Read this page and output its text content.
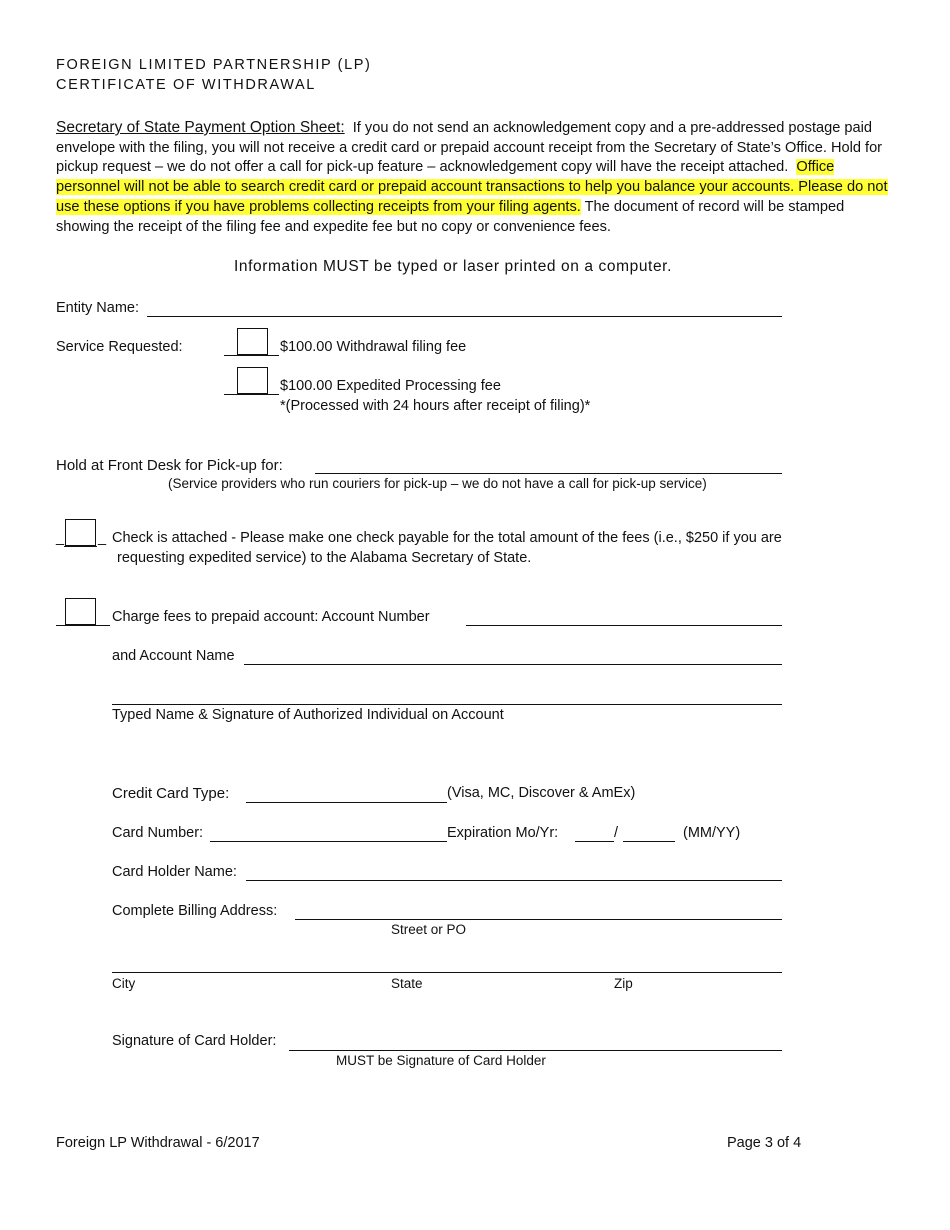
FOREIGN LIMITED PARTNERSHIP (LP)
CERTIFICATE OF WITHDRAWAL
Secretary of State Payment Option Sheet: If you do not send an acknowledgement copy and a pre-addressed postage paid envelope with the filing, you will not receive a credit card or prepaid account receipt from the Secretary of State’s Office. Hold for pickup request – we do not offer a call for pick-up feature – acknowledgement copy will have the receipt attached. Office personnel will not be able to search credit card or prepaid account transactions to help you balance your accounts. Please do not use these options if you have problems collecting receipts from your filing agents. The document of record will be stamped showing the receipt of the filing fee and expedite fee but no copy or convenience fees.
Information MUST be typed or laser printed on a computer.
Entity Name:
Service Requested:	$100.00 Withdrawal filing fee
$100.00 Expedited Processing fee
*(Processed with 24 hours after receipt of filing)*
Hold at Front Desk for Pick-up for:
(Service providers who run couriers for pick-up – we do not have a call for pick-up service)
_ _ Check is attached - Please make one check payable for the total amount of the fees (i.e., $250 if you are
requesting expedited service) to the Alabama Secretary of State.
Charge fees to prepaid account: Account Number
and Account Name
Typed Name & Signature of Authorized Individual on Account
Credit Card Type:	(Visa, MC, Discover & AmEx)
Card Number:	Expiration Mo/Yr:	/	(MM/YY)
Card Holder Name:
Complete Billing Address:
Street or PO
City	State	Zip
Signature of Card Holder:
MUST be Signature of Card Holder
Foreign LP Withdrawal - 6/2017	Page 3 of 4
